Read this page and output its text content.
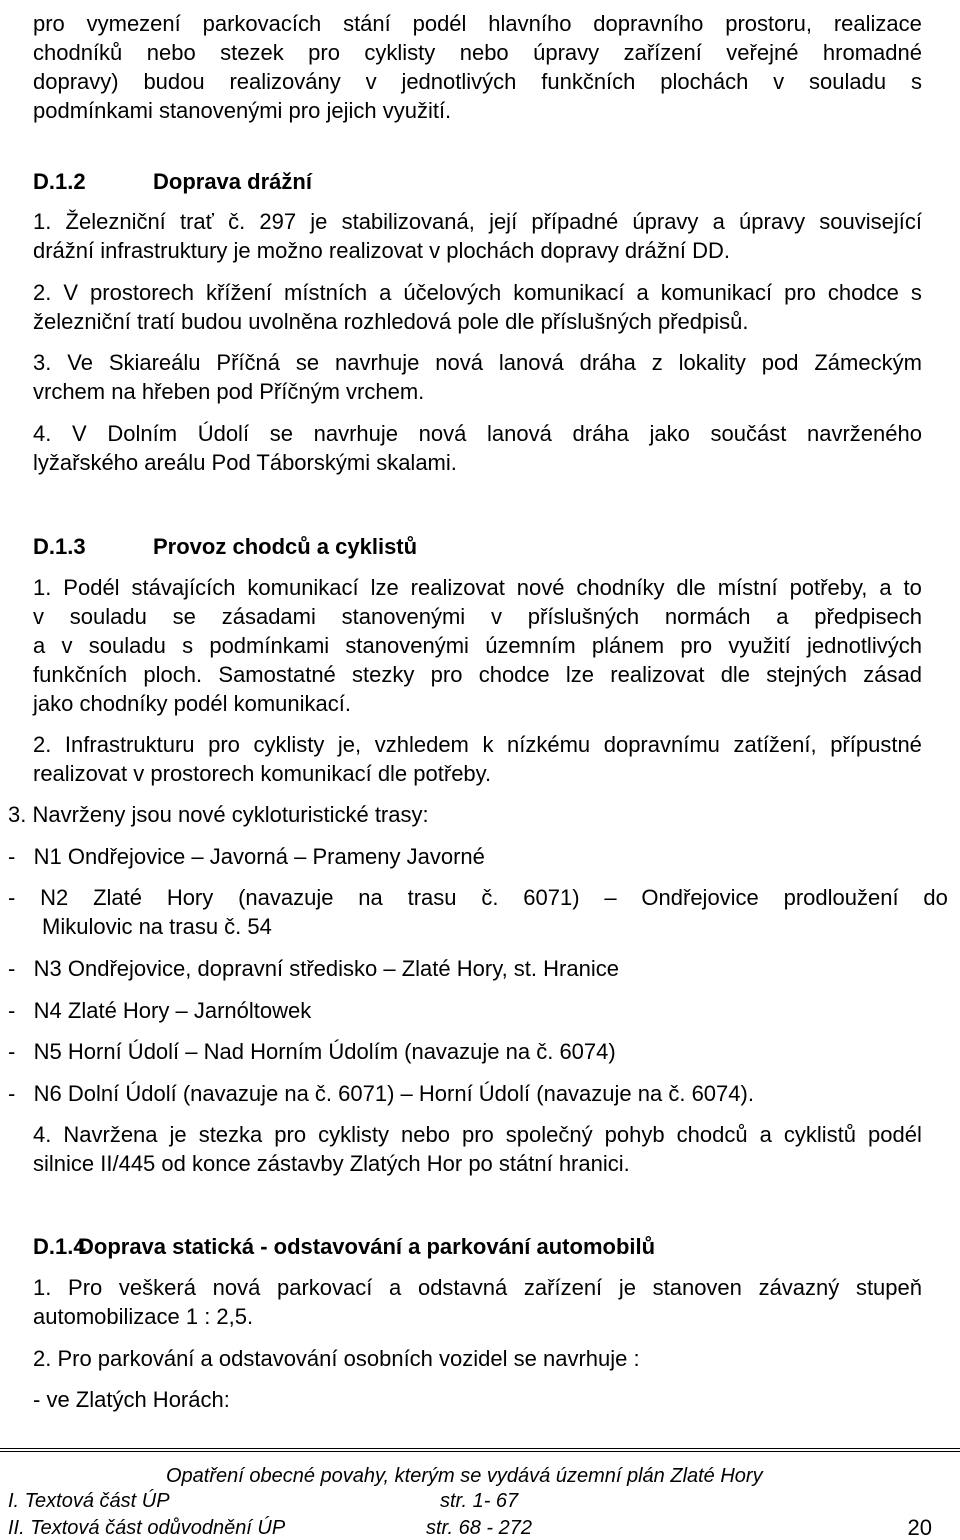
pro vymezení parkovacích stání podél hlavního dopravního prostoru, realizace
chodníků nebo stezek pro cyklisty nebo úpravy zařízení veřejné hromadné
dopravy) budou realizovány v jednotlivých funkčních plochách v souladu s
podmínkami stanovenými pro jejich využití.
D.1.2	Doprava drážní
1. Železniční trať č. 297 je stabilizovaná, její případné úpravy a úpravy související
drážní infrastruktury je možno realizovat v plochách dopravy drážní DD.
2. V prostorech křížení místních a účelových komunikací a komunikací pro chodce s
železniční tratí budou uvolněna rozhledová pole dle příslušných předpisů.
3. Ve Skiareálu Příčná se navrhuje nová lanová dráha z lokality pod Zámeckým
vrchem na hřeben pod Příčným vrchem.
4. V Dolním Údolí se navrhuje nová lanová dráha jako součást navrženého
lyžařského areálu Pod Táborskými skalami.
D.1.3	Provoz chodců a cyklistů
1. Podél stávajících komunikací lze realizovat nové chodníky dle místní potřeby, a to
v souladu se zásadami stanovenými v příslušných normách a předpisech
a v souladu s podmínkami stanovenými územním plánem pro využití jednotlivých
funkčních ploch. Samostatné stezky pro chodce lze realizovat dle stejných zásad
jako chodníky podél komunikací.
2. Infrastrukturu pro cyklisty je, vzhledem k nízkému dopravnímu zatížení, přípustné
realizovat v prostorech komunikací dle potřeby.
3. Navrženy jsou nové cykloturistické trasy:
-   N1 Ondřejovice – Javorná – Prameny Javorné
- N2 Zlaté Hory (navazuje na trasu č. 6071) – Ondřejovice prodloužení do
Mikulovic na trasu č. 54
-   N3 Ondřejovice, dopravní středisko – Zlaté Hory, st. Hranice
-   N4 Zlaté Hory – Jarnóltowek
-   N5 Horní Údolí – Nad Horním Údolím (navazuje na č. 6074)
-   N6 Dolní Údolí (navazuje na č. 6071) – Horní Údolí (navazuje na č. 6074).
4. Navržena je stezka pro cyklisty nebo pro společný pohyb chodců a cyklistů podél
silnice II/445 od konce zástavby Zlatých Hor po státní hranici.
D.1.4Doprava statická - odstavování a parkování automobilů
1. Pro veškerá nová parkovací a odstavná zařízení je stanoven závazný stupeň
automobilizace 1 : 2,5.
2. Pro parkování a odstavování osobních vozidel se navrhuje :
- ve Zlatých Horách:
Opatření obecné povahy, kterým se vydává územní plán Zlaté Hory
I. Textová část ÚP	str. 1- 67
II. Textová část odůvodnění ÚP	str. 68 - 272	20
